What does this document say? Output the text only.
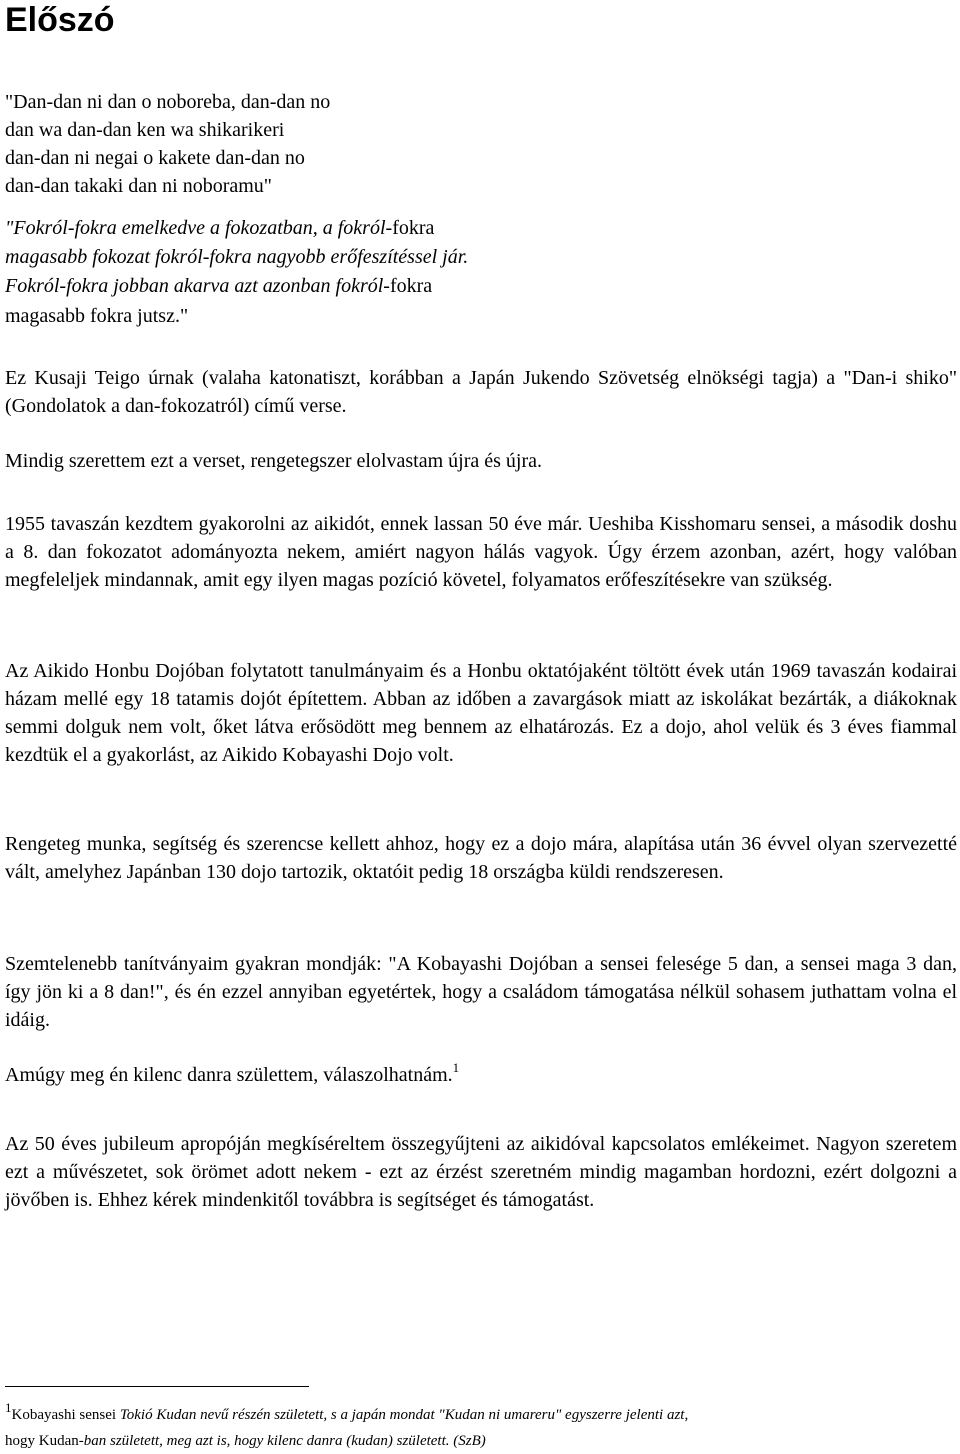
Előszó
"Dan-dan ni dan o noboreba, dan-dan no
dan wa dan-dan ken wa shikarikeri
dan-dan ni negai o kakete dan-dan no
dan-dan takaki dan ni noboramu"
"Fokról-fokra emelkedve a fokozatban, a fokról-fokra
magasabb fokozat fokról-fokra nagyobb erőfeszítéssel jár.
Fokról-fokra jobban akarva azt azonban fokról-fokra
magasabb fokra jutsz."

Ez Kusaji Teigo úrnak (valaha katonatiszt, korábban a Japán Jukendo Szövetség elnökségi tagja) a "Dan-i shiko" (Gondolatok a dan-fokozatról) című verse.

Mindig szerettem ezt a verset, rengetegszer elolvastam újra és újra.

1955 tavaszán kezdtem gyakorolni az aikidót, ennek lassan 50 éve már. Ueshiba Kisshomaru sensei, a második doshu a 8. dan fokozatot adományozta nekem, amiért nagyon hálás vagyok. Úgy érzem azonban, azért, hogy valóban megfeleljek mindannak, amit egy ilyen magas pozíció követel, folyamatos erőfeszítésekre van szükség.

Az Aikido Honbu Dojóban folytatott tanulmányaim és a Honbu oktatójaként töltött évek után 1969 tavaszán kodairai házam mellé egy 18 tatamis dojót építettem. Abban az időben a zavargások miatt az iskolákat bezárták, a diákoknak semmi dolguk nem volt, őket látva erősödött meg bennem az elhatározás. Ez a dojo, ahol velük és 3 éves fiammal kezdtük el a gyakorlást, az Aikido Kobayashi Dojo volt.

Rengeteg munka, segítség és szerencse kellett ahhoz, hogy ez a dojo mára, alapítása után 36 évvel olyan szervezetté vált, amelyhez Japánban 130 dojo tartozik, oktatóit pedig 18 országba küldi rendszeresen.

Szemtelenebb tanítványaim gyakran mondják: "A Kobayashi Dojóban a sensei felesége 5 dan, a sensei maga 3 dan, így jön ki a 8 dan!", és én ezzel annyiban egyetértek, hogy a családom támogatása nélkül sohasem juthattam volna el idáig.

Amúgy meg én kilenc danra születtem, válaszolhatnám.$^1$

Az 50 éves jubileum apropóján megkíséreltem összegyűjteni az aikidóval kapcsolatos emlékeimet. Nagyon szeretem ezt a művészetet, sok örömet adott nekem - ezt az érzést szeretném mindig magamban hordozni, ezért dolgozni a jövőben is. Ehhez kérek mindenkitől továbbra is segítséget és támogatást.

1Kobayashi sensei Tokió Kudan nevű részén született, s a japán mondat "Kudan ni umareru" egyszerre jelenti azt,
hogy Kudan-ban született, meg azt is, hogy kilenc danra (kudan) született. (SzB)
